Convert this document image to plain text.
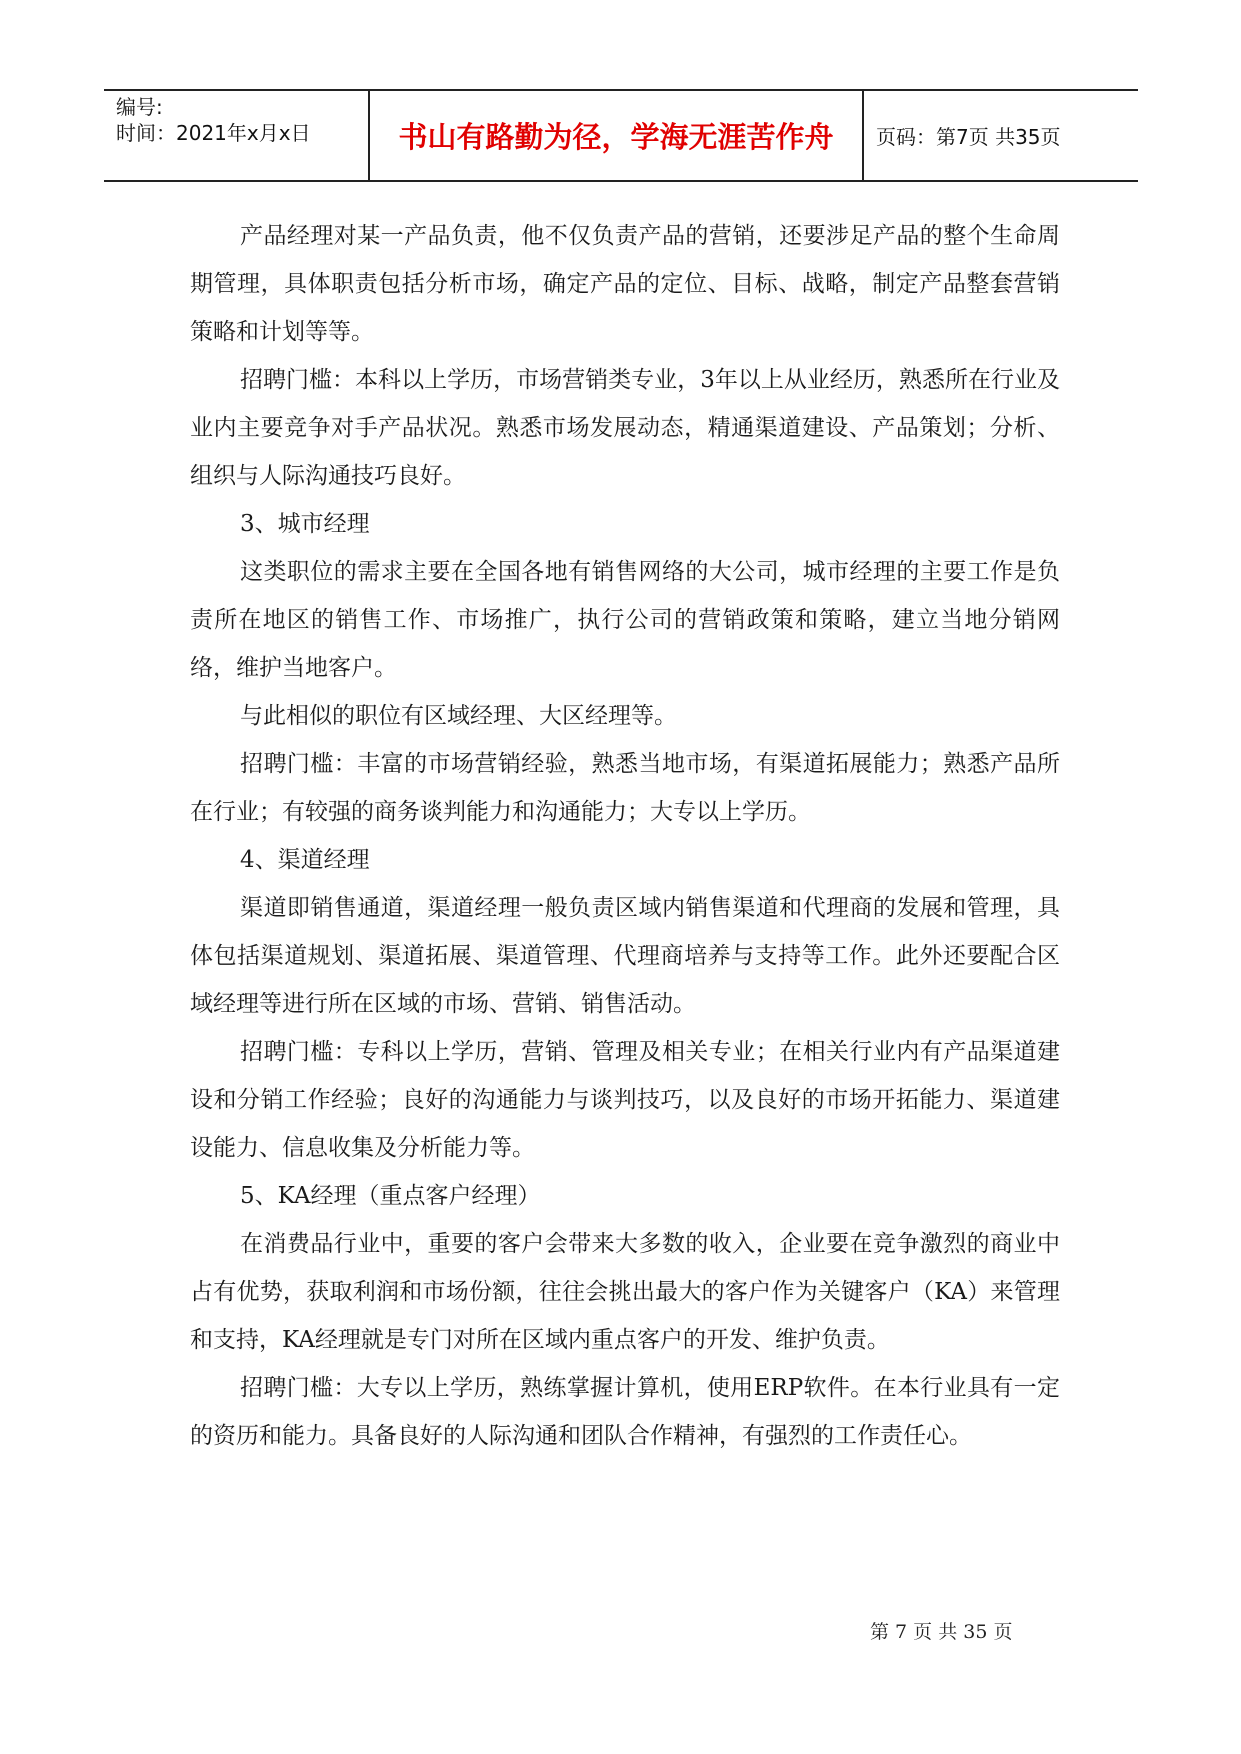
编号:
时间：2021年x月x日	书山有路勤为径，学海无涯苦作舟 页码：第7页 共35页

产品经理对某一产品负责，他不仅负责产品的营销，还要涉足产品的整个生命周期管理，具体职责包括分析市场，确定产品的定位、目标、战略，制定产品整套营销策略和计划等等。

招聘门槛：本科以上学历，市场营销类专业，3年以上从业经历，熟悉所在行业及业内主要竞争对手产品状况。熟悉市场发展动态，精通渠道建设、产品策划；分析、组织与人际沟通技巧良好。

3、城市经理

这类职位的需求主要在全国各地有销售网络的大公司，城市经理的主要工作是负责所在地区的销售工作、市场推广，执行公司的营销政策和策略，建立当地分销网络，维护当地客户。

与此相似的职位有区域经理、大区经理等。

招聘门槛：丰富的市场营销经验，熟悉当地市场，有渠道拓展能力；熟悉产品所在行业；有较强的商务谈判能力和沟通能力；大专以上学历。

4、渠道经理

渠道即销售通道，渠道经理一般负责区域内销售渠道和代理商的发展和管理，具体包括渠道规划、渠道拓展、渠道管理、代理商培养与支持等工作。此外还要配合区域经理等进行所在区域的市场、营销、销售活动。

招聘门槛：专科以上学历，营销、管理及相关专业；在相关行业内有产品渠道建设和分销工作经验；良好的沟通能力与谈判技巧，以及良好的市场开拓能力、渠道建设能力、信息收集及分析能力等。

5、KA经理（重点客户经理）

在消费品行业中，重要的客户会带来大多数的收入，企业要在竞争激烈的商业中占有优势，获取利润和市场份额，往往会挑出最大的客户作为关键客户（KA）来管理和支持，KA经理就是专门对所在区域内重点客户的开发、维护负责。

招聘门槛：大专以上学历，熟练掌握计算机，使用ERP软件。在本行业具有一定的资历和能力。具备良好的人际沟通和团队合作精神，有强烈的工作责任心。

第 7 页 共 35 页
